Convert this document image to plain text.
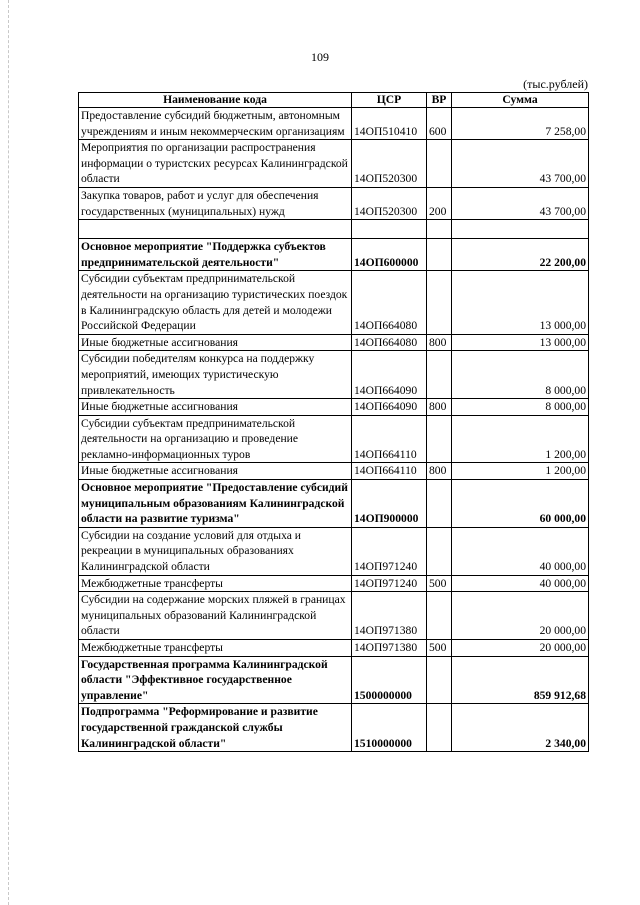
109
(тыс.рублей)
Наименование кода	ЦСР	ВР	Сумма
Предоставление субсидий бюджетным, автономным учреждениям и иным некоммерческим организациям	14ОП510410	600	7 258,00
Мероприятия по организации распространения информации о туристских ресурсах Калининградской области	14ОП520300		43 700,00
Закупка товаров, работ и услуг для обеспечения государственных (муниципальных) нужд	14ОП520300	200	43 700,00

Основное мероприятие "Поддержка субъектов предпринимательской деятельности"	14ОП600000		22 200,00
Субсидии субъектам предпринимательской деятельности на организацию туристических поездок в Калининградскую область для детей и молодежи Российской Федерации	14ОП664080		13 000,00
Иные бюджетные ассигнования	14ОП664080	800	13 000,00
Субсидии победителям конкурса на поддержку мероприятий, имеющих туристическую привлекательность	14ОП664090		8 000,00
Иные бюджетные ассигнования	14ОП664090	800	8 000,00
Субсидии субъектам предпринимательской деятельности на организацию и проведение рекламно-информационных туров	14ОП664110		1 200,00
Иные бюджетные ассигнования	14ОП664110	800	1 200,00
Основное мероприятие "Предоставление субсидий муниципальным образованиям Калининградской области на развитие туризма"	14ОП900000		60 000,00
Субсидии на создание условий для отдыха и рекреации в муниципальных образованиях Калининградской области	14ОП971240		40 000,00
Межбюджетные трансферты	14ОП971240	500	40 000,00
Субсидии на содержание морских пляжей в границах муниципальных образований Калининградской области	14ОП971380		20 000,00
Межбюджетные трансферты	14ОП971380	500	20 000,00
Государственная программа Калининградской области "Эффективное государственное управление"	1500000000		859 912,68
Подпрограмма "Реформирование и развитие государственной гражданской службы Калининградской области"	1510000000		2 340,00
